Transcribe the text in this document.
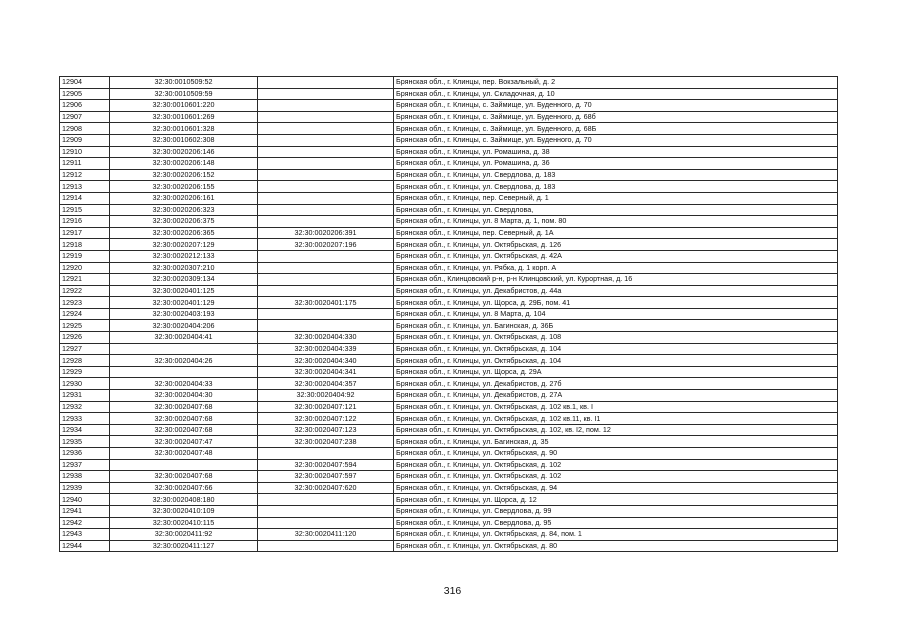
12904	32:30:0010509:52		Брянская обл., г. Клинцы, пер. Вокзальный, д. 2
12905	32:30:0010509:59		Брянская обл., г. Клинцы, ул. Складочная, д. 10
12906	32:30:0010601:220		Брянская обл., г. Клинцы, с. Займище, ул. Буденного, д. 70
12907	32:30:0010601:269		Брянская обл., г. Клинцы, с. Займище, ул. Буденного, д. 68б
12908	32:30:0010601:328		Брянская обл., г. Клинцы, с. Займище, ул. Буденного, д. 68Б
12909	32:30:0010602:308		Брянская обл., г. Клинцы, с. Займище, ул. Буденного, д. 70
12910	32:30:0020206:146		Брянская обл., г. Клинцы, ул. Ромашина, д. 38
12911	32:30:0020206:148		Брянская обл., г. Клинцы, ул. Ромашина, д. 36
12912	32:30:0020206:152		Брянская обл., г. Клинцы, ул. Свердлова, д. 183
12913	32:30:0020206:155		Брянская обл., г. Клинцы, ул. Свердлова, д. 183
12914	32:30:0020206:161		Брянская обл., г. Клинцы, пер. Северный, д. 1
12915	32:30:0020206:323		Брянская обл., г. Клинцы, ул. Свердлова,
12916	32:30:0020206:375		Брянская обл., г. Клинцы, ул. 8 Марта, д. 1, пом. 80
12917	32:30:0020206:365	32:30:0020206:391	Брянская обл., г. Клинцы, пер. Северный, д. 1А
12918	32:30:0020207:129	32:30:0020207:196	Брянская обл., г. Клинцы, ул. Октябрьская, д. 126
12919	32:30:0020212:133		Брянская обл., г. Клинцы, ул. Октябрьская, д. 42А
12920	32:30:0020307:210		Брянская обл., г. Клинцы, ул. Рябка, д. 1 корп. А
12921	32:30:0020309:134		Брянская обл., Клинцовский р-н, р-н Клинцовский, ул. Курортная, д. 16
12922	32:30:0020401:125		Брянская обл., г. Клинцы, ул. Декабристов, д. 44а
12923	32:30:0020401:129	32:30:0020401:175	Брянская обл., г. Клинцы, ул. Щорса, д. 29Б, пом. 41
12924	32:30:0020403:193		Брянская обл., г. Клинцы, ул. 8 Марта, д. 104
12925	32:30:0020404:206		Брянская обл., г. Клинцы, ул. Багинская, д. 36Б
12926	32:30:0020404:41	32:30:0020404:330	Брянская обл., г. Клинцы, ул. Октябрьская, д. 108
12927		32:30:0020404:339	Брянская обл., г. Клинцы, ул. Октябрьская, д. 104
12928	32:30:0020404:26	32:30:0020404:340	Брянская обл., г. Клинцы, ул. Октябрьская, д. 104
12929		32:30:0020404:341	Брянская обл., г. Клинцы, ул. Щорса, д. 29А
12930	32:30:0020404:33	32:30:0020404:357	Брянская обл., г. Клинцы, ул. Декабристов, д. 27б
12931	32:30:0020404:30	32:30:0020404:92	Брянская обл., г. Клинцы, ул. Декабристов, д. 27А
12932	32:30:0020407:68	32:30:0020407:121	Брянская обл., г. Клинцы, ул. Октябрьская, д. 102 кв.1, кв. I
12933	32:30:0020407:68	32:30:0020407:122	Брянская обл., г. Клинцы, ул. Октябрьская, д. 102 кв.11, кв. I1
12934	32:30:0020407:68	32:30:0020407:123	Брянская обл., г. Клинцы, ул. Октябрьская, д. 102, кв. I2, пом. 12
12935	32:30:0020407:47	32:30:0020407:238	Брянская обл., г. Клинцы, ул. Багинская, д. 35
12936	32:30:0020407:48		Брянская обл., г. Клинцы, ул. Октябрьская, д. 90
12937		32:30:0020407:594	Брянская обл., г. Клинцы, ул. Октябрьская, д. 102
12938	32:30:0020407:68	32:30:0020407:597	Брянская обл., г. Клинцы, ул. Октябрьская, д. 102
12939	32:30:0020407:66	32:30:0020407:620	Брянская обл., г. Клинцы, ул. Октябрьская, д. 94
12940	32:30:0020408:180		Брянская обл., г. Клинцы, ул. Щорса, д. 12
12941	32:30:0020410:109		Брянская обл., г. Клинцы, ул. Свердлова, д. 99
12942	32:30:0020410:115		Брянская обл., г. Клинцы, ул. Свердлова, д. 95
12943	32:30:0020411:92	32:30:0020411:120	Брянская обл., г. Клинцы, ул. Октябрьская, д. 84, пом. 1
12944	32:30:0020411:127		Брянская обл., г. Клинцы, ул. Октябрьская, д. 80
316
